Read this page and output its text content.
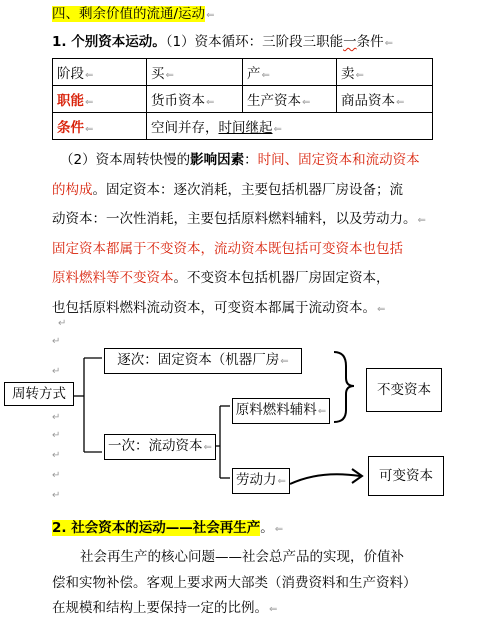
四、剩余价值的流通/运动⇐
1. 个别资本运动。（1）资本循环：三阶段三职能一条件⇐
阶段⇐	买⇐	产⇐	卖⇐
职能⇐	货币资本⇐	生产资本⇐	商品资本⇐
条件⇐	空间并存，时间继起⇐		
（2）资本周转快慢的影响因素：时间、固定资本和流动资本
的构成。固定资本：逐次消耗，主要包括机器厂房设备；流
动资本：一次性消耗，主要包括原料燃料辅料，以及劳动力。⇐
固定资本都属于不变资本，流动资本既包括可变资本也包括
原料燃料等不变资本。不变资本包括机器厂房固定资本，
也包括原料燃料流动资本，可变资本都属于流动资本。⇐
↵
↵
↵
↵
↵
↵
↵
↵
周转方式
逐次：固定资本（机器厂房⇐
一次：流动资本⇐
原料燃料辅料⇐
劳动力⇐
不变资本
可变资本
2. 社会资本的运动——社会再生产。⇐
社会再生产的核心问题——社会总产品的实现，价值补
偿和实物补偿。客观上要求两大部类（消费资料和生产资料）
在规模和结构上要保持一定的比例。⇐
